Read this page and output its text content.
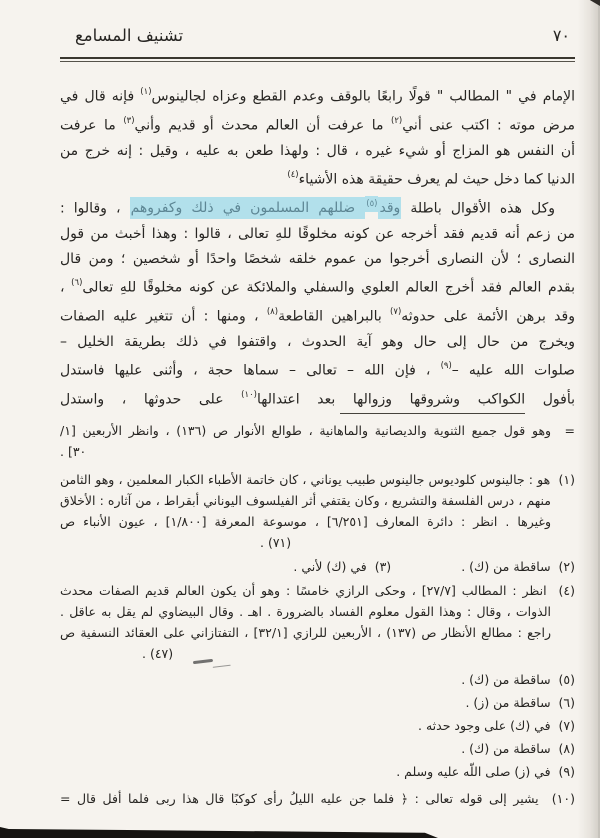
٧٠
تشنيف المسامع
الإمام في " المطالب " قولًا رابعًا بالوقف وعدم القطع وعزاه لجالينوس$^{(١)}$ فإنه قال في
مرض موته : اكتب عنى أني$^{(٢)}$ ما عرفت أن العالم محدث أو قديم وأني$^{(٣)}$ ما عرفت
أن النفس هو المزاج أو شيء غيره ، قال : ولهذا طعن به عليه ، وقيل : إنه خرج من
الدنيا كما دخل حيث لم يعرف حقيقة هذه الأشياء$^{(٤)}$
وكل هذه الأقوال باطلة وقد$^{(٥)}$ ضللهم المسلمون في ذلك وكفروهم ، وقالوا :
من زعم أنه قديم فقد أخرجه عن كونه مخلوقًا للهِ تعالى ، قالوا : وهذا أخبث من قول
النصارى ؛ لأن النصارى أخرجوا من عموم خلقه شخصًا واحدًا أو شخصين ؛ ومن قال
بقدم العالم فقد أخرج العالم العلوي والسفلي والملائكة عن كونه مخلوقًا للهِ تعالى$^{(٦)}$ ،
وقد برهن الأئمة على حدوثه$^{(٧)}$ بالبراهين القاطعة$^{(٨)}$ ، ومنها : أن تتغير عليه الصفات
ويخرج من حال إلى حال وهو آية الحدوث ، واقتفوا في ذلك بطريقة الخليل –
صلوات الله عليه –$^{(٩)}$ ، فإن الله – تعالى – سماها حجة ، وأثنى عليها فاستدل
بأفول الكواكب وشروقها وزوالها بعد اعتدالها$^{(١٠)}$ على حدوثها ، واستدل
=  وهو قول جميع الثنوية والديصانية والماهانية ، طوالع الأنوار ص (١٣٦) ، وانظر الأربعين [١/
٣٠] .
(١)  هو : جالينوس كلوديوس جالينوس طبيب يوناني ، كان خاتمة الأطباء الكبار المعلمين ، وهو الثامن
منهم ، درس الفلسفة والتشريع ، وكان يقتفي أثر الفيلسوف اليوناني أبقراط ، من آثاره : الأخلاق
وغيرها . انظر : دائرة المعارف [٦/٢٥١] ، موسوعة المعرفة [١/٨٠٠] ، عيون الأنباء ص
(٧١) .
(٢)  ساقطة من (ك) .(٣)  في (ك) لأني .
(٤)  انظر : المطالب [٢٧/٧] ، وحكى الرازي خامسًا : وهو أن يكون العالم قديم الصفات محدث
الذوات ، وقال : وهذا القول معلوم الفساد بالضرورة . اهـ . وقال البيضاوي لم يقل به عاقل .
راجع : مطالع الأنظار ص (١٣٧) ، الأربعين للرازي [٣٢/١] ، التفتازاني على العقائد النسفية ص
(٤٧) .
(٥)  ساقطة من (ك) .
(٦)  ساقطة من (ز) .
(٧)  في (ك) على وجود حدثه .
(٨)  ساقطة من (ك) .
(٩)  في (ز) صلى اللّه عليه وسلم .
(١٠)  يشير إلى قوله تعالى : ﴿ فلما جن عليه الليلُ رأى كوكبًا قال هذا ربى فلما أفل قال =
